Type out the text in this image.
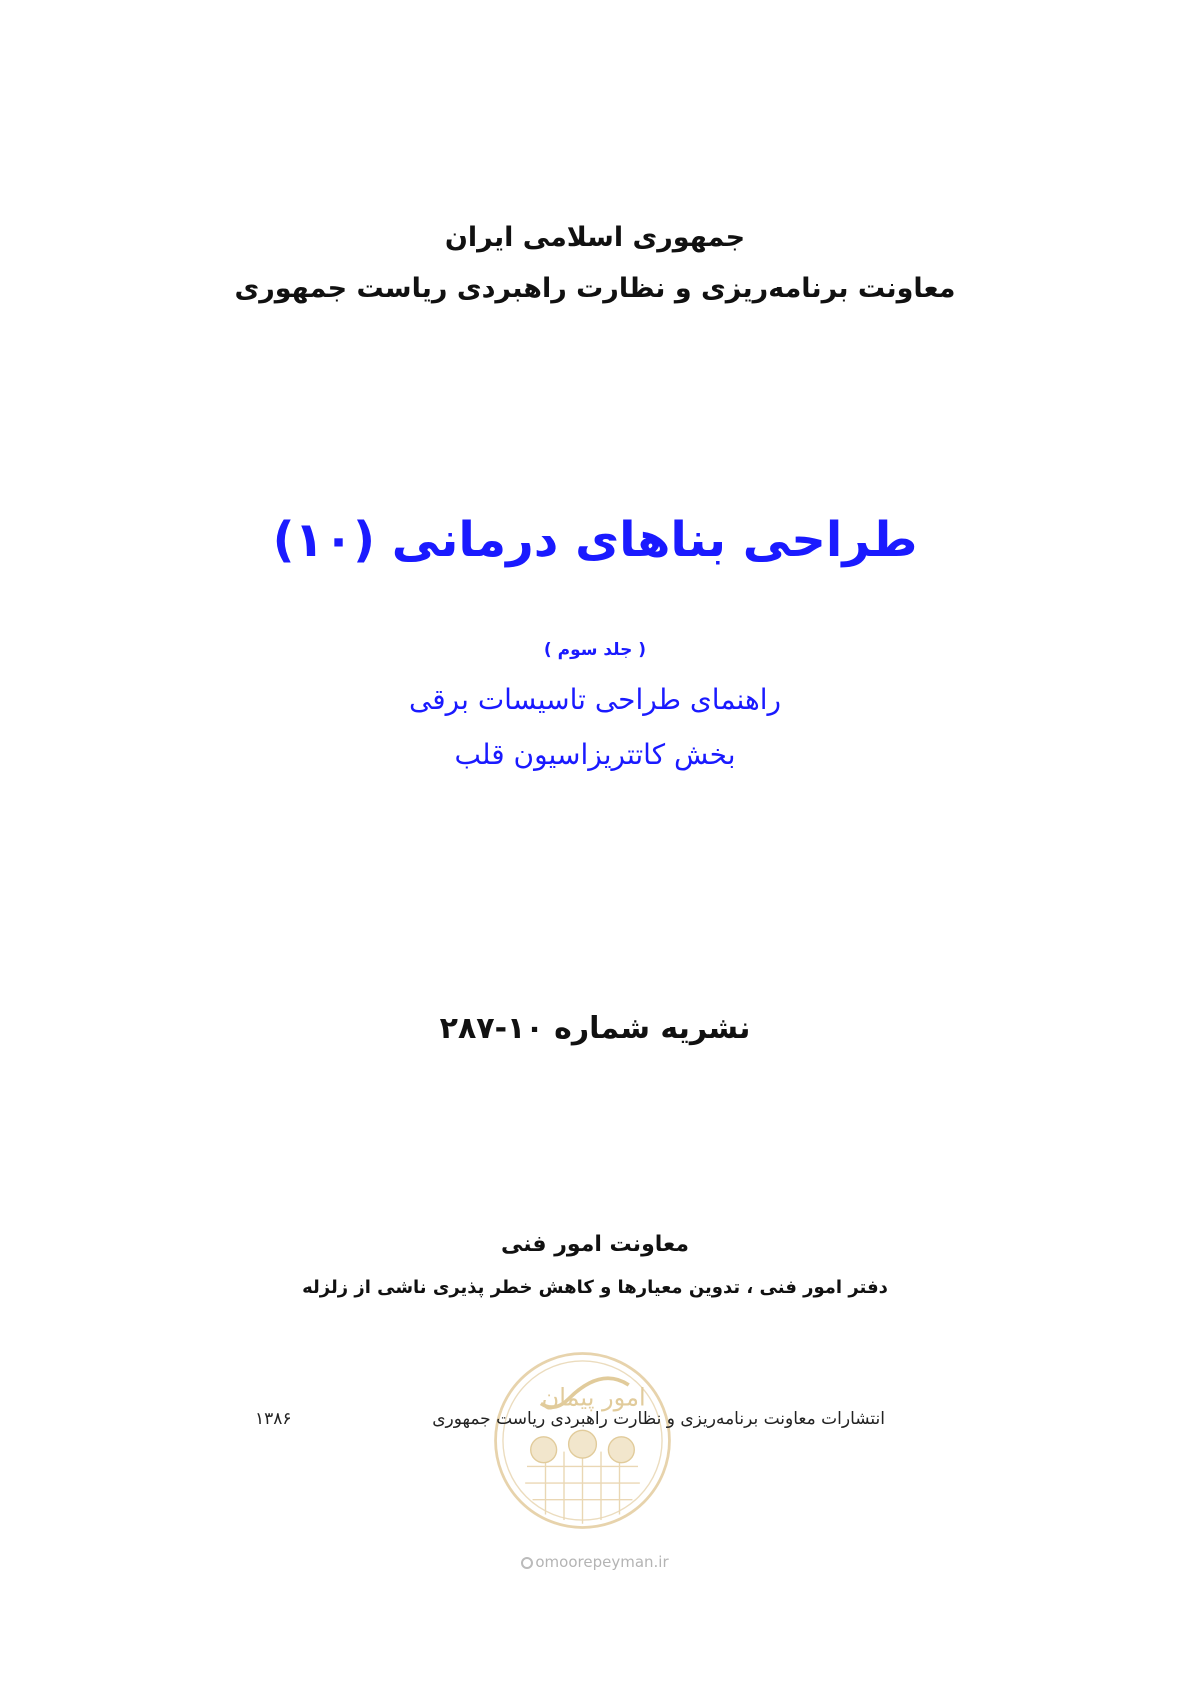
جمهوری اسلامی ایران
معاونت برنامه‌ریزی و نظارت راهبردی ریاست جمهوری
طراحی بناهای درمانی (۱۰)
( جلد سوم )
راهنمای طراحی تاسیسات برقی
بخش کاتتریزاسیون قلب
نشریه شماره ۱۰-۲۸۷
معاونت امور فنی
دفتر امور فنی ، تدوین معیارها و کاهش خطر پذیری ناشی از زلزله
امور پیمان
انتشارات معاونت برنامه‌ریزی و نظارت راهبردی ریاست جمهوری
۱۳۸۶
omoorepeyman.ir
